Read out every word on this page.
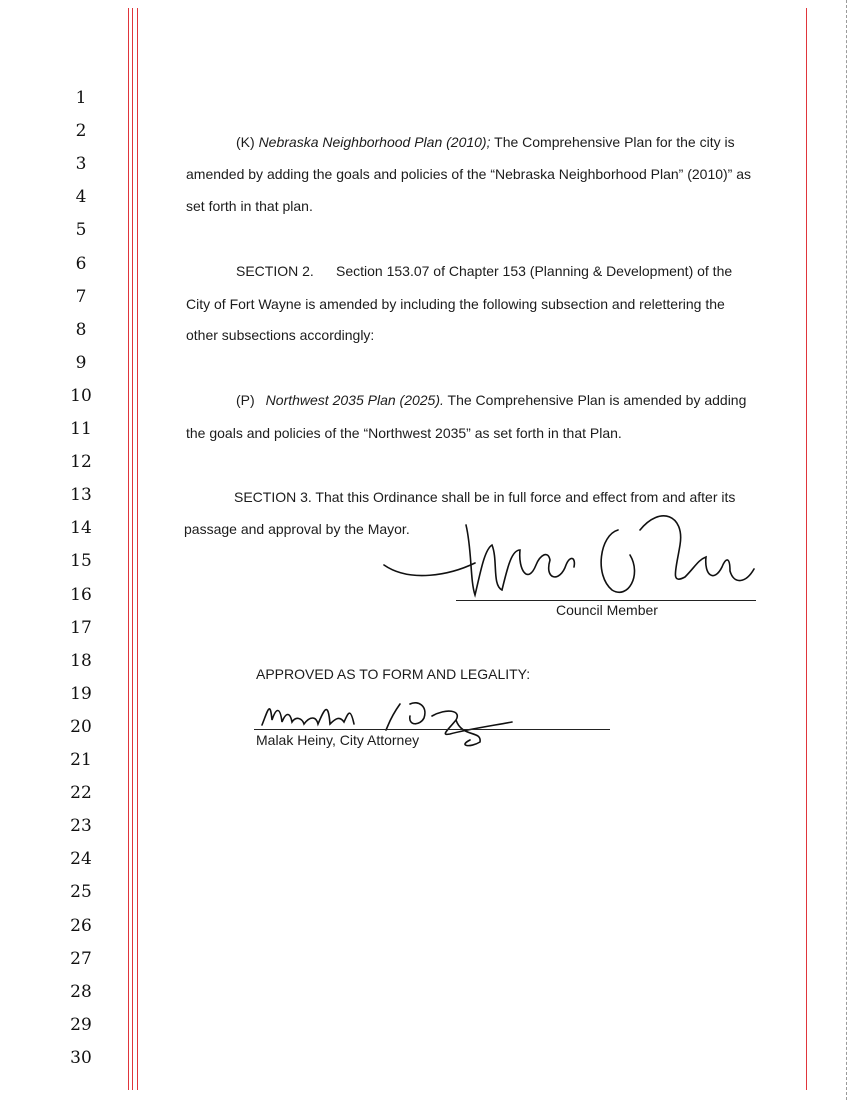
1
2
3
4
5
6
7
8
9
10
11
12
13
14
15
16
17
18
19
20
21
22
23
24
25
26
27
28
29
30
(K) Nebraska Neighborhood Plan (2010); The Comprehensive Plan for the city is
amended by adding the goals and policies of the “Nebraska Neighborhood Plan” (2010)” as
set forth in that plan.
SECTION 2. Section 153.07 of Chapter 153 (Planning & Development) of the
City of Fort Wayne is amended by including the following subsection and relettering the
other subsections accordingly:
(P) Northwest 2035 Plan (2025). The Comprehensive Plan is amended by adding
the goals and policies of the “Northwest 2035” as set forth in that Plan.
SECTION 3. That this Ordinance shall be in full force and effect from and after its
passage and approval by the Mayor.
Council Member
APPROVED AS TO FORM AND LEGALITY:
Malak Heiny, City Attorney
